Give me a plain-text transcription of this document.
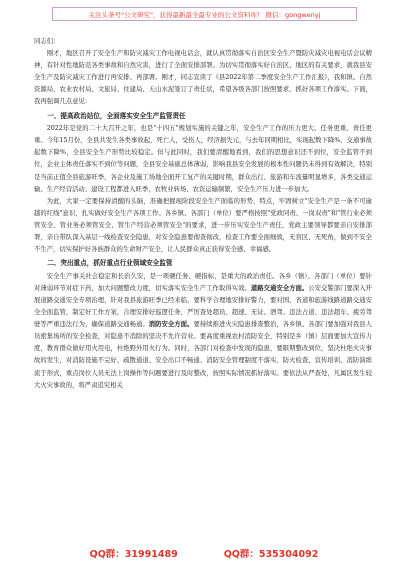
关注头条号"公文研究"，获得最新最全最专业的公文资料库！ 微信：gongwenyj

同志们：

刚才，地区召开了安全生产和防灾减灾工作电视电话会，就认真贯彻落实自治区安全生产暨防灾减灾电视电话会议精神，有针对性地防范各类事故和自然灾害，进行了全面安排部署。为切实贯彻落实好自治区、地区的有关要求，就我县安全生产及防灾减灾工作进行再安排、再部署。刚才，同志宣读了《县2022年第二季度安全生产工作汇报》，我和镇、自然资源局、农业农村局、文旅局、住建局、天山水泥签订了责任状，希望各级各部门按照要求，抓好各项工作落实。下面，我再强调几点意见：

一、提高政治站位，全面落实安全生产监管责任

2022年是党的二十大召开之年，也是"十四五"规划实施的关键之年，安全生产工作的压力更大、任务更重、责任更重。今年15月份，全县共发生各类事故起，死亡人，受伤人，经济损失元，与去年同期相比，实现起数下降%、交通事故起数下降%，全县安全生产形势比较稳定。但与此同时，我们要清醒地看到，我们的思想意识还不到位，安全监管不到位，企业主体责任落实不到位等问题，全县安全基础总体薄弱，影响我县安全发展的根本性问题仍未得到有效解决，特别是当前正值全县旅游旺季，各企业及施工场地全面开工复产的关键时期，群众出行、旅游和车流量明显增多，各类交通运输、生产经营活动、建设工程都进入旺季，农牧业转场、农资运输频繁，安全生产压力进一步加大。

为此，大家一定要保持清醒的头脑，准确把握现阶段安全生产面临的形势，特点，牢固树立"安全生产是一条不可逾越的红线"意识，扎实做好安全生产各项工作。各乡镇、各部门（单位）要严格按照"党政同责、一岗双责"和"管行业必须管安全、管业务必须管安全、管生产经营必须管安全"的要求，进一步压实安全生产责任，党政主要领导都要亲自安排部署，亲自带队深入基层一线检查安全隐患，对安全隐患要彻查彻改，检查工作要全面细致，无盲区、无死角，做到不安全不生产，切实保护好各族群众的生命财产安全，让人民群众真正获得安全感、幸福感。

二、突出重点，抓好重点行业领域安全监管

安全生产事关社会稳定和长治久安，是一项硬任务、硬指标，是重大的政治责任。各乡（镇）、各部门（单位）要针对薄弱环节对症下药，加大问题整改力度，切实落实安全生产工作取得实效。道路交通安全方面。公安交警部门要深入开展道路交通安全专项治理，针对我县旅游旺季已经来临，要科学合理地安排好警力，要对国、省道和旅游线路道路交通安全全面监管，制定好工作方案，合理安排好巡逻任务，严厉查处超员、超速、无证、酒驾、违法占道、违法超车、疲劳驾驶等严重违法行为，确保道路交通畅通。消防安全方面。要持续推进火灾隐患排查整治，各乡镇、各部门要加强对我县人员密集场所的安全检查，对隐患不消除的坚决不允许营业。要高度重视农村消防安全，特别是乡（镇）层面要加大宣传力度，教育群众做好用火用电，杜绝野外用火行为。同时，各部门对检查中发现的隐患，要限期整改到位，坚决杜绝火灾事故的发生，对消防设施不完好、疏散通道、安全出口不畅通、消防安全管理制度不落实、防火检查、宣传培训、消防演练流于形式，重点岗位人员无法上岗操作等问题要进行及时整改，按照实际情况抓好落实。要依法从严查处，凡属区发生较大火灾事故的，将严肃追究相关

QQ群：31991489	QQ群：535304092
